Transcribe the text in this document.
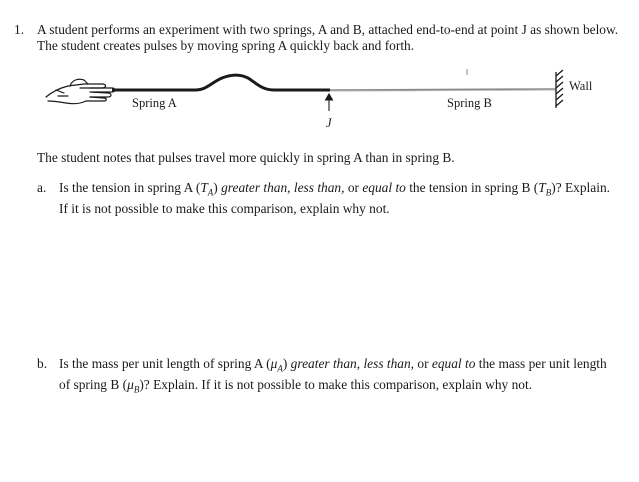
1. A student performs an experiment with two springs, A and B, attached end-to-end at point J as shown below. The student creates pulses by moving spring A quickly back and forth.
Spring A	Spring B
Wall
J
The student notes that pulses travel more quickly in spring A than in spring B.
a. Is the tension in spring A $(T_A)$ greater than, less than, or equal to the tension in spring B $(T_B)$? Explain. If it is not possible to make this comparison, explain why not.
b. Is the mass per unit length of spring A $(\mu_A)$ greater than, less than, or equal to the mass per unit length of spring B $(\mu_B)$? Explain. If it is not possible to make this comparison, explain why not.
